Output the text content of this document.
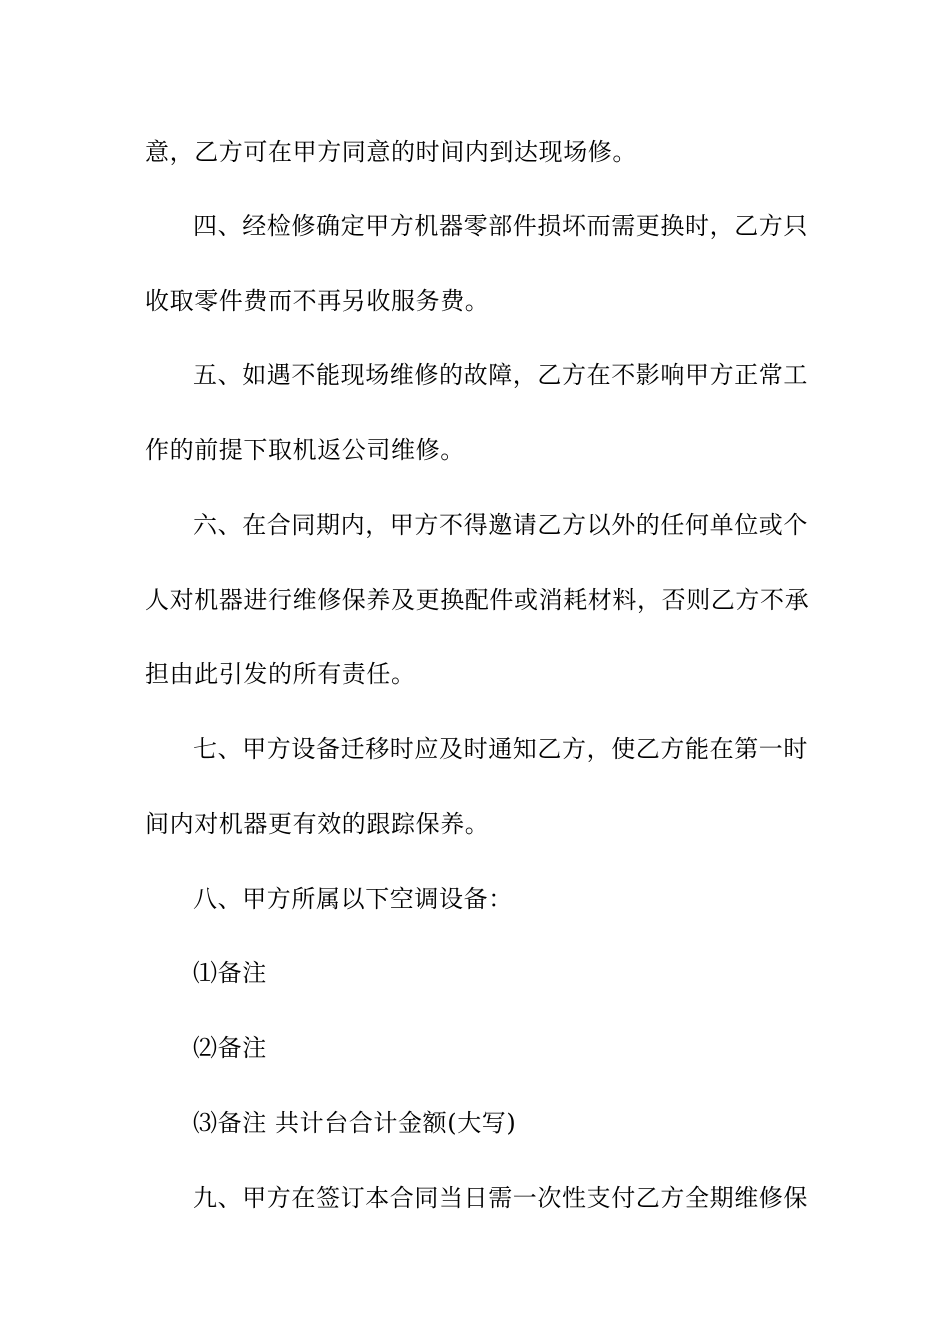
意，乙方可在甲方同意的时间内到达现场修。
四、经检修确定甲方机器零部件损坏而需更换时，乙方只
收取零件费而不再另收服务费。
五、如遇不能现场维修的故障，乙方在不影响甲方正常工
作的前提下取机返公司维修。
六、在合同期内，甲方不得邀请乙方以外的任何单位或个
人对机器进行维修保养及更换配件或消耗材料，否则乙方不承
担由此引发的所有责任。
七、甲方设备迁移时应及时通知乙方，使乙方能在第一时
间内对机器更有效的跟踪保养。
八、甲方所属以下空调设备：
⑴备注
⑵备注
⑶备注 共计台合计金额(大写)
九、甲方在签订本合同当日需一次性支付乙方全期维修保
